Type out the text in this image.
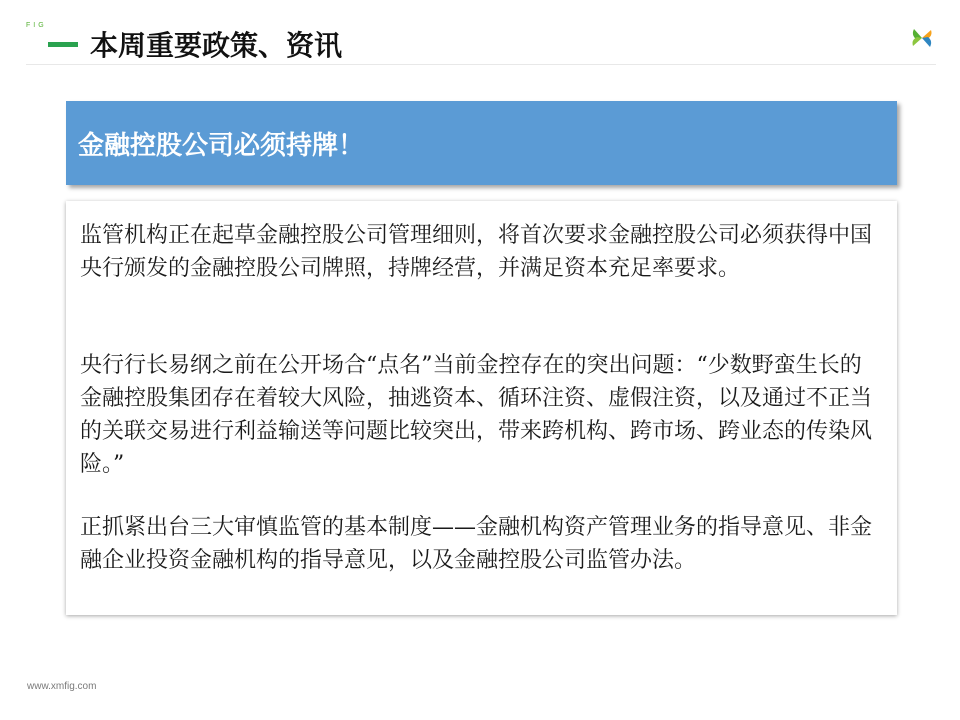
FIG
本周重要政策、资讯
金融控股公司必须持牌！
监管机构正在起草金融控股公司管理细则，将首次要求金融控股公司必须获得中国央行颁发的金融控股公司牌照，持牌经营，并满足资本充足率要求。
央行行长易纲之前在公开场合“点名”当前金控存在的突出问题：“少数野蛮生长的金融控股集团存在着较大风险，抽逃资本、循环注资、虚假注资，以及通过不正当的关联交易进行利益输送等问题比较突出，带来跨机构、跨市场、跨业态的传染风险。”
正抓紧出台三大审慎监管的基本制度——金融机构资产管理业务的指导意见、非金融企业投资金融机构的指导意见，以及金融控股公司监管办法。
www.xmfig.com
